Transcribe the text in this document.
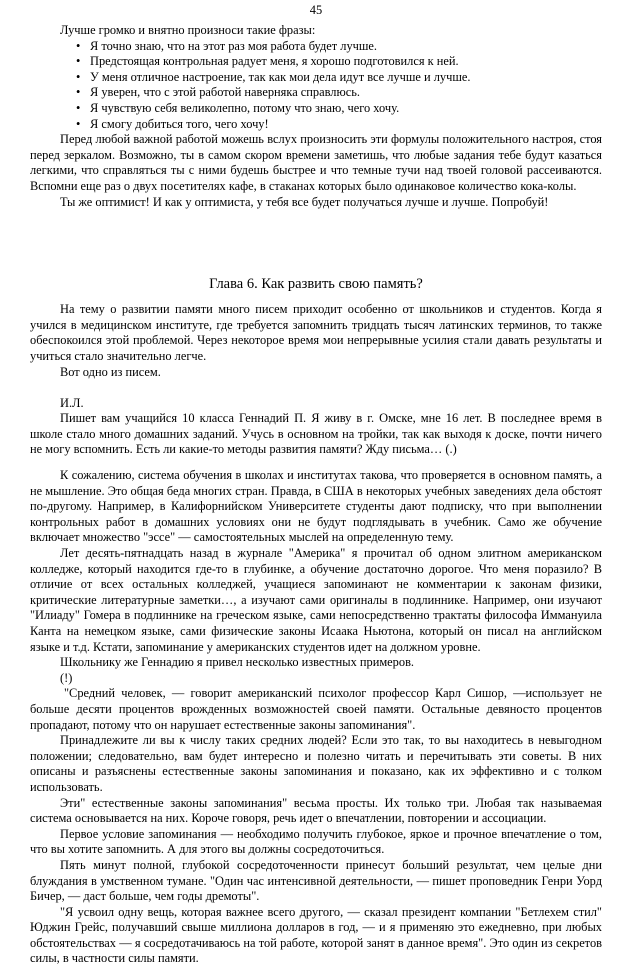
45

Лучше громко и внятно произноси такие фразы:

• Я точно знаю, что на этот раз моя работа будет лучше.
• Предстоящая контрольная радует меня, я хорошо подготовился к ней.
• У меня отличное настроение, так как мои дела идут все лучше и лучше.
• Я уверен, что с этой работой наверняка справлюсь.
• Я чувствую себя великолепно, потому что знаю, чего хочу.
• Я смогу добиться того, чего хочу!

Перед любой важной работой можешь вслух произносить эти формулы положительного настроя, стоя перед зеркалом. Возможно, ты в самом скором времени заметишь, что любые задания тебе будут казаться легкими, что справляться ты с ними будешь быстрее и что темные тучи над твоей головой рассеиваются. Вспомни еще раз о двух посетителях кафе, в стаканах которых было одинаковое количество кока-колы.

Ты же оптимист! И как у оптимиста, у тебя все будет получаться лучше и лучше. Попробуй!

Глава 6. Как развить свою память?

На тему о развитии памяти много писем приходит особенно от школьников и студентов. Когда я учился в медицинском институте, где требуется запомнить тридцать тысяч латинских терминов, то также обеспокоился этой проблемой. Через некоторое время мои непрерывные усилия стали давать результаты и учиться стало значительно легче.

Вот одно из писем.

И.Л.

Пишет вам учащийся 10 класса Геннадий П. Я живу в г. Омске, мне 16 лет. В последнее время в школе стало много домашних заданий. Учусь в основном на тройки, так как выходя к доске, почти ничего не могу вспомнить. Есть ли какие-то методы развития памяти? Жду письма… (.)

К сожалению, система обучения в школах и институтах такова, что проверяется в основном память, а не мышление. Это общая беда многих стран. Правда, в США в некоторых учебных заведениях дела обстоят по-другому. Например, в Калифорнийском Университете студенты дают подписку, что при выполнении контрольных работ в домашних условиях они не будут подглядывать в учебник. Само же обучение включает множество "эссе" — самостоятельных мыслей на определенную тему.

Лет десять-пятнадцать назад в журнале "Америка" я прочитал об одном элитном американском колледже, который находится где-то в глубинке, а обучение достаточно дорогое. Что меня поразило? В отличие от всех остальных колледжей, учащиеся запоминают не комментарии к законам физики, критические литературные заметки…, а изучают сами оригиналы в подлиннике. Например, они изучают "Илиаду" Гомера в подлиннике на греческом языке, сами непосредственно трактаты философа Иммануила Канта на немецком языке, сами физические законы Исаака Ньютона, который он писал на английском языке и т.д. Кстати, запоминание у американских студентов идет на должном уровне.

Школьнику же Геннадию я привел несколько известных примеров.

(!)

"Средний человек, — говорит американский психолог профессор Карл Сишор, —использует не больше десяти процентов врожденных возможностей своей памяти. Остальные девяносто процентов пропадают, потому что он нарушает естественные законы запоминания".

Принадлежите ли вы к числу таких средних людей? Если это так, то вы находитесь в невыгодном положении; следовательно, вам будет интересно и полезно читать и перечитывать эти советы. В них описаны и разъяснены естественные законы запоминания и показано, как их эффективно и с толком использовать.

Эти" естественные законы запоминания" весьма просты. Их только три. Любая так называемая система основывается на них. Короче говоря, речь идет о впечатлении, повторении и ассоциации.

Первое условие запоминания — необходимо получить глубокое, яркое и прочное впечатление о том, что вы хотите запомнить. А для этого вы должны сосредоточиться.

Пять минут полной, глубокой сосредоточенности принесут больший результат, чем целые дни блуждания в умственном тумане. "Один час интенсивной деятельности, — пишет проповедник Генри Уорд Бичер, — даст больше, чем годы дремоты".

"Я усвоил одну вещь, которая важнее всего другого, — сказал президент компании "Бетлехем стил" Юджин Грейс, получавший свыше миллиона долларов в год, — и я применяю это ежедневно, при любых обстоятельствах — я сосредотачиваюсь на той работе, которой занят в данное время". Это один из секретов силы, в частности силы памяти.
